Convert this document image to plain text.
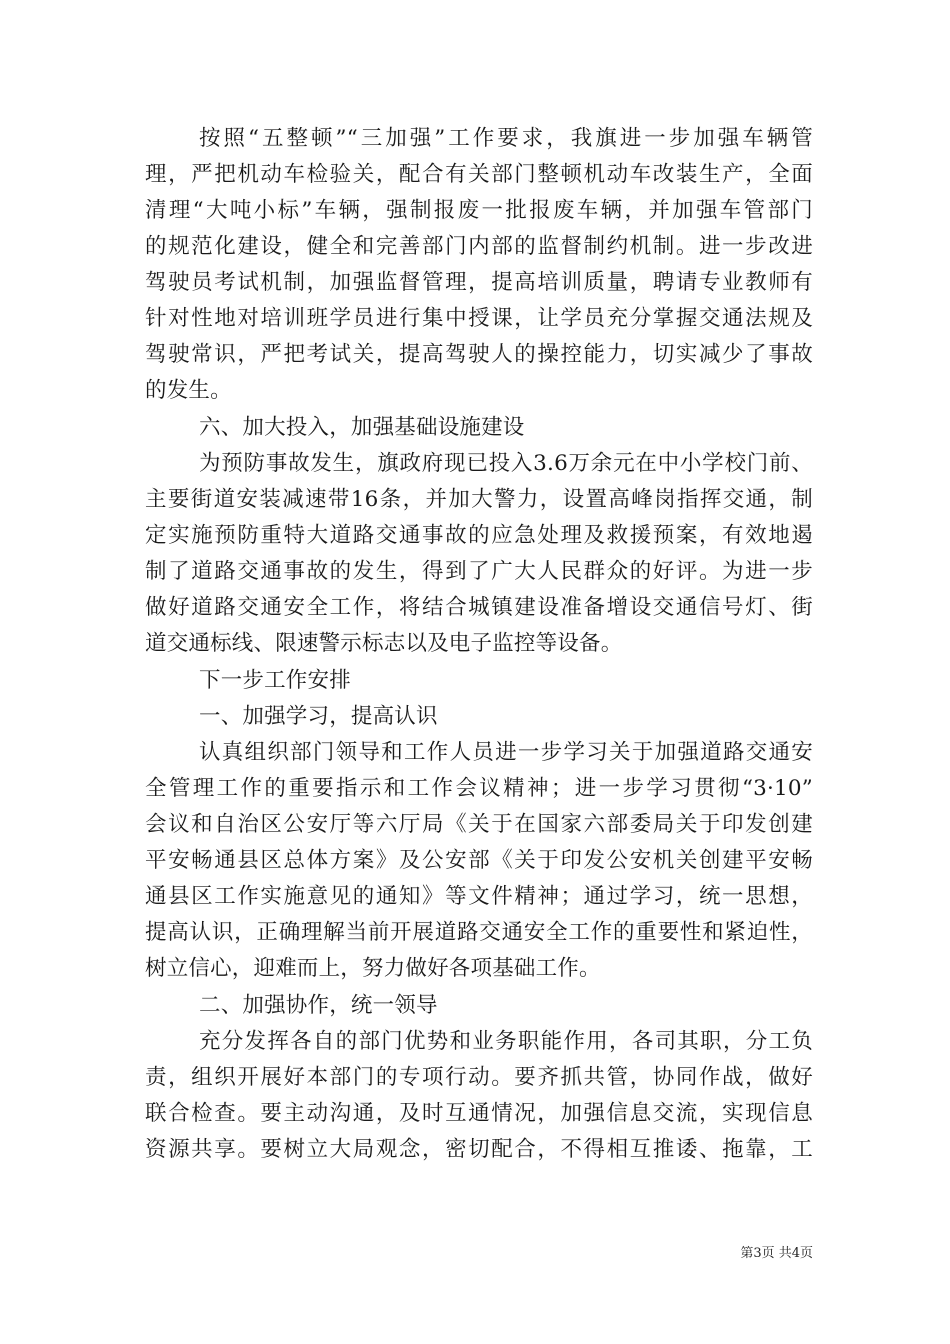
按照“五整顿”“三加强”工作要求，我旗进一步加强车辆管
理，严把机动车检验关，配合有关部门整顿机动车改装生产，全面
清理“大吨小标”车辆，强制报废一批报废车辆，并加强车管部门
的规范化建设，健全和完善部门内部的监督制约机制。进一步改进
驾驶员考试机制，加强监督管理，提高培训质量，聘请专业教师有
针对性地对培训班学员进行集中授课，让学员充分掌握交通法规及
驾驶常识，严把考试关，提高驾驶人的操控能力，切实减少了事故
的发生。
六、加大投入，加强基础设施建设
为预防事故发生，旗政府现已投入3.6万余元在中小学校门前、
主要街道安装减速带16条，并加大警力，设置高峰岗指挥交通，制
定实施预防重特大道路交通事故的应急处理及救援预案，有效地遏
制了道路交通事故的发生，得到了广大人民群众的好评。为进一步
做好道路交通安全工作，将结合城镇建设准备增设交通信号灯、街
道交通标线、限速警示标志以及电子监控等设备。
下一步工作安排
一、加强学习，提高认识
认真组织部门领导和工作人员进一步学习关于加强道路交通安
全管理工作的重要指示和工作会议精神；进一步学习贯彻“3·10”
会议和自治区公安厅等六厅局《关于在国家六部委局关于印发创建
平安畅通县区总体方案》及公安部《关于印发公安机关创建平安畅
通县区工作实施意见的通知》等文件精神；通过学习，统一思想，
提高认识，正确理解当前开展道路交通安全工作的重要性和紧迫性，
树立信心，迎难而上，努力做好各项基础工作。
二、加强协作，统一领导
充分发挥各自的部门优势和业务职能作用，各司其职，分工负
责，组织开展好本部门的专项行动。要齐抓共管，协同作战，做好
联合检查。要主动沟通，及时互通情况，加强信息交流，实现信息
资源共享。要树立大局观念，密切配合，不得相互推诿、拖靠，工
第3页 共4页
